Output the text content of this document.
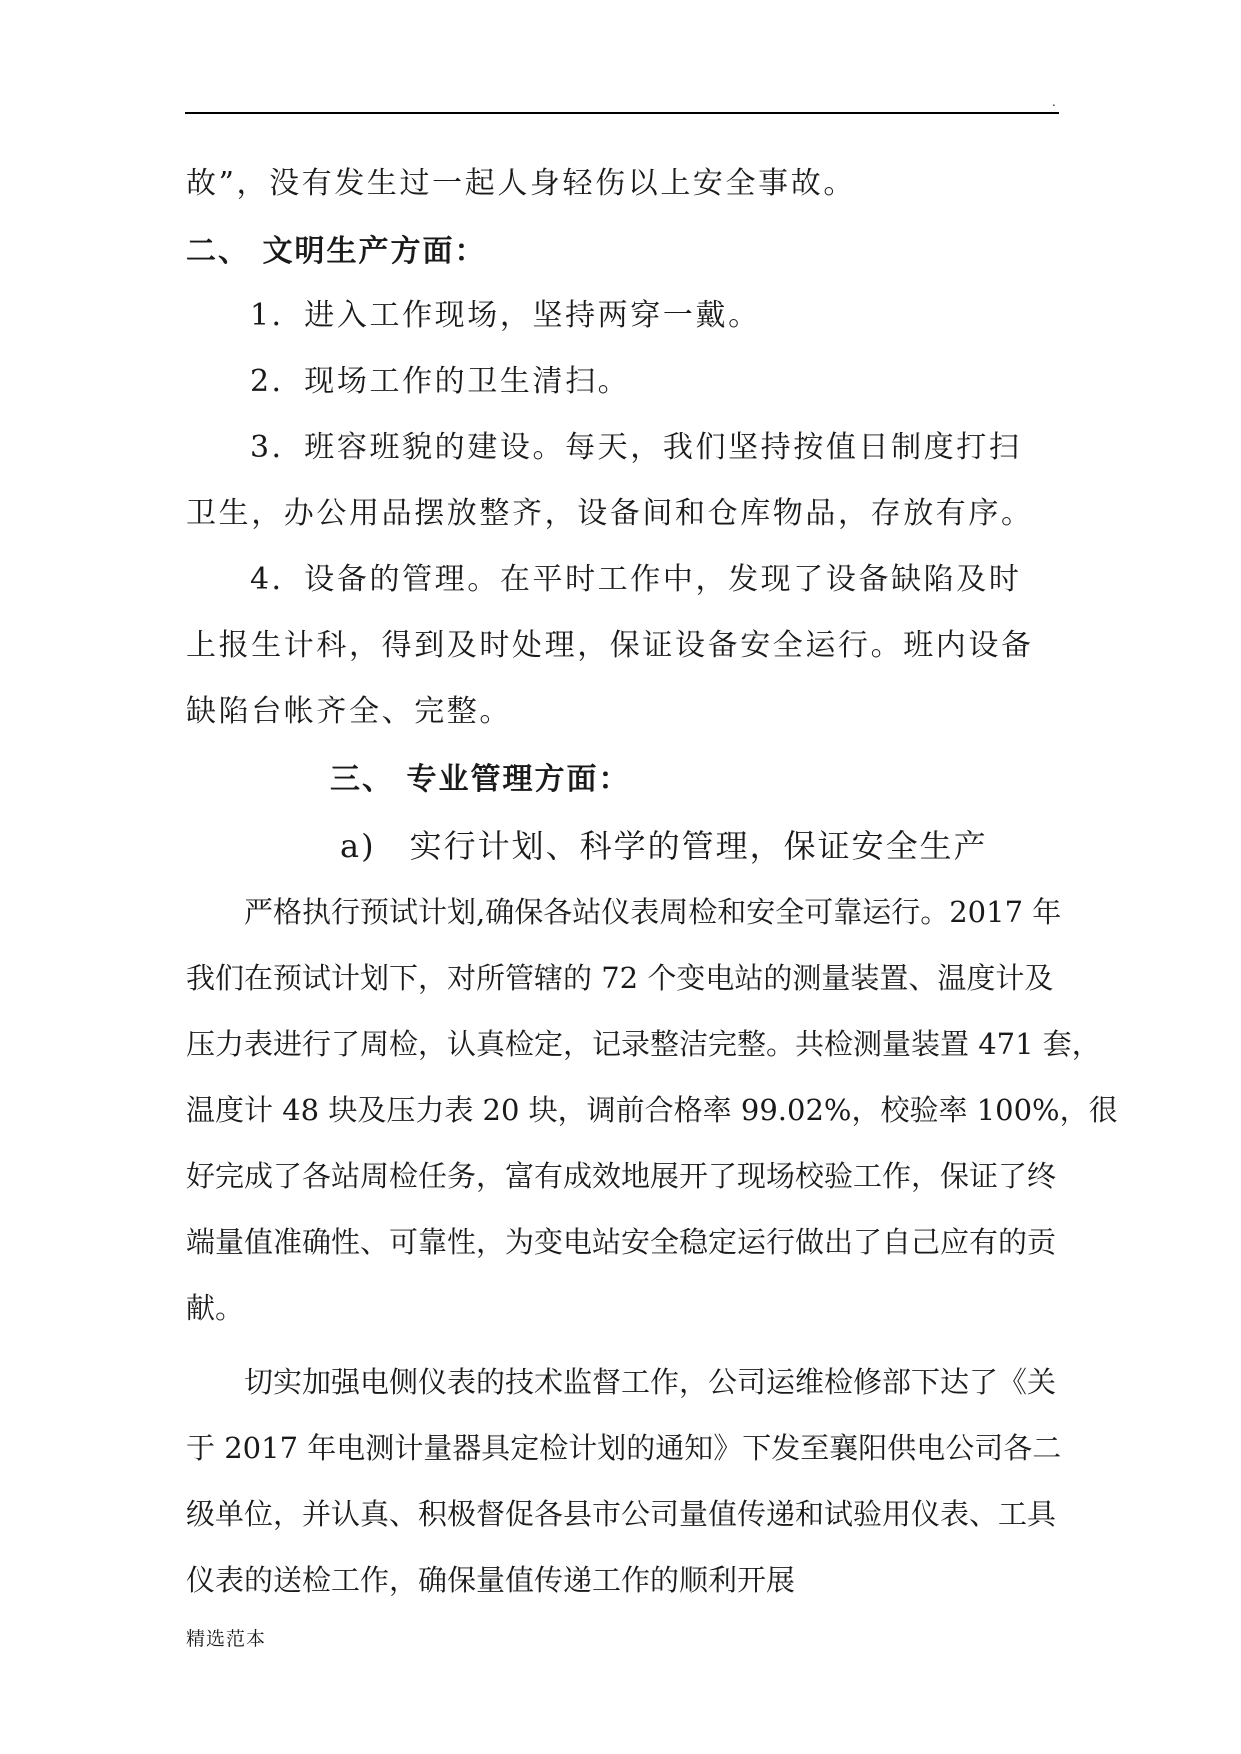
.
故”，没有发生过一起人身轻伤以上安全事故。
二、 文明生产方面：
1．进入工作现场，坚持两穿一戴。
2．现场工作的卫生清扫。
3．班容班貌的建设。每天，我们坚持按值日制度打扫
卫生，办公用品摆放整齐，设备间和仓库物品，存放有序。
4．设备的管理。在平时工作中，发现了设备缺陷及时
上报生计科，得到及时处理，保证设备安全运行。班内设备
缺陷台帐齐全、完整。
三、 专业管理方面：
a)　实行计划、科学的管理，保证安全生产
严格执行预试计划,确保各站仪表周检和安全可靠运行。2017 年
我们在预试计划下，对所管辖的 72 个变电站的测量装置、温度计及
压力表进行了周检，认真检定，记录整洁完整。共检测量装置 471 套，
温度计 48 块及压力表 20 块，调前合格率 99.02%，校验率 100%，很
好完成了各站周检任务，富有成效地展开了现场校验工作，保证了终
端量值准确性、可靠性，为变电站安全稳定运行做出了自己应有的贡
献。
切实加强电侧仪表的技术监督工作，公司运维检修部下达了《关
于 2017 年电测计量器具定检计划的通知》下发至襄阳供电公司各二
级单位，并认真、积极督促各县市公司量值传递和试验用仪表、工具
仪表的送检工作，确保量值传递工作的顺利开展
精选范本
